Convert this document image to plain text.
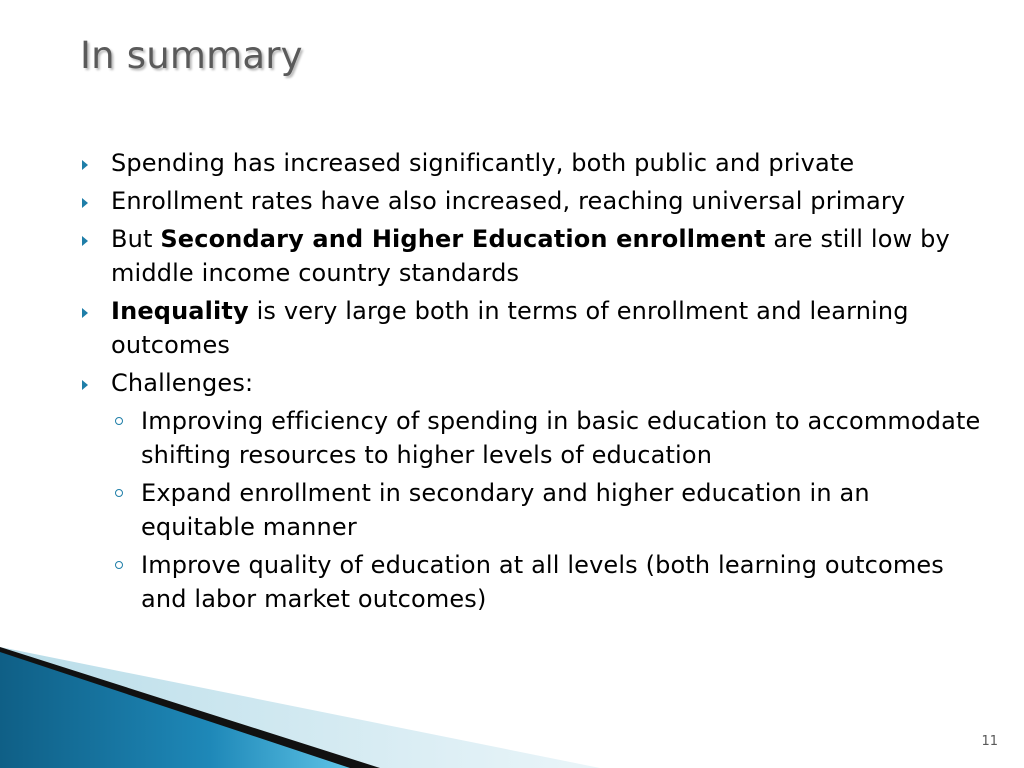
In summary
Spending has increased significantly, both public and private
Enrollment rates have also increased, reaching universal primary
But Secondary and Higher Education enrollment are still low by middle income country standards
Inequality is very large both in terms of enrollment and learning outcomes
Challenges:
Improving efficiency of spending in basic education to accommodate shifting resources to higher levels of education
Expand enrollment in secondary and higher education in an equitable manner
Improve quality of education at all levels (both learning outcomes and labor market outcomes)
11
